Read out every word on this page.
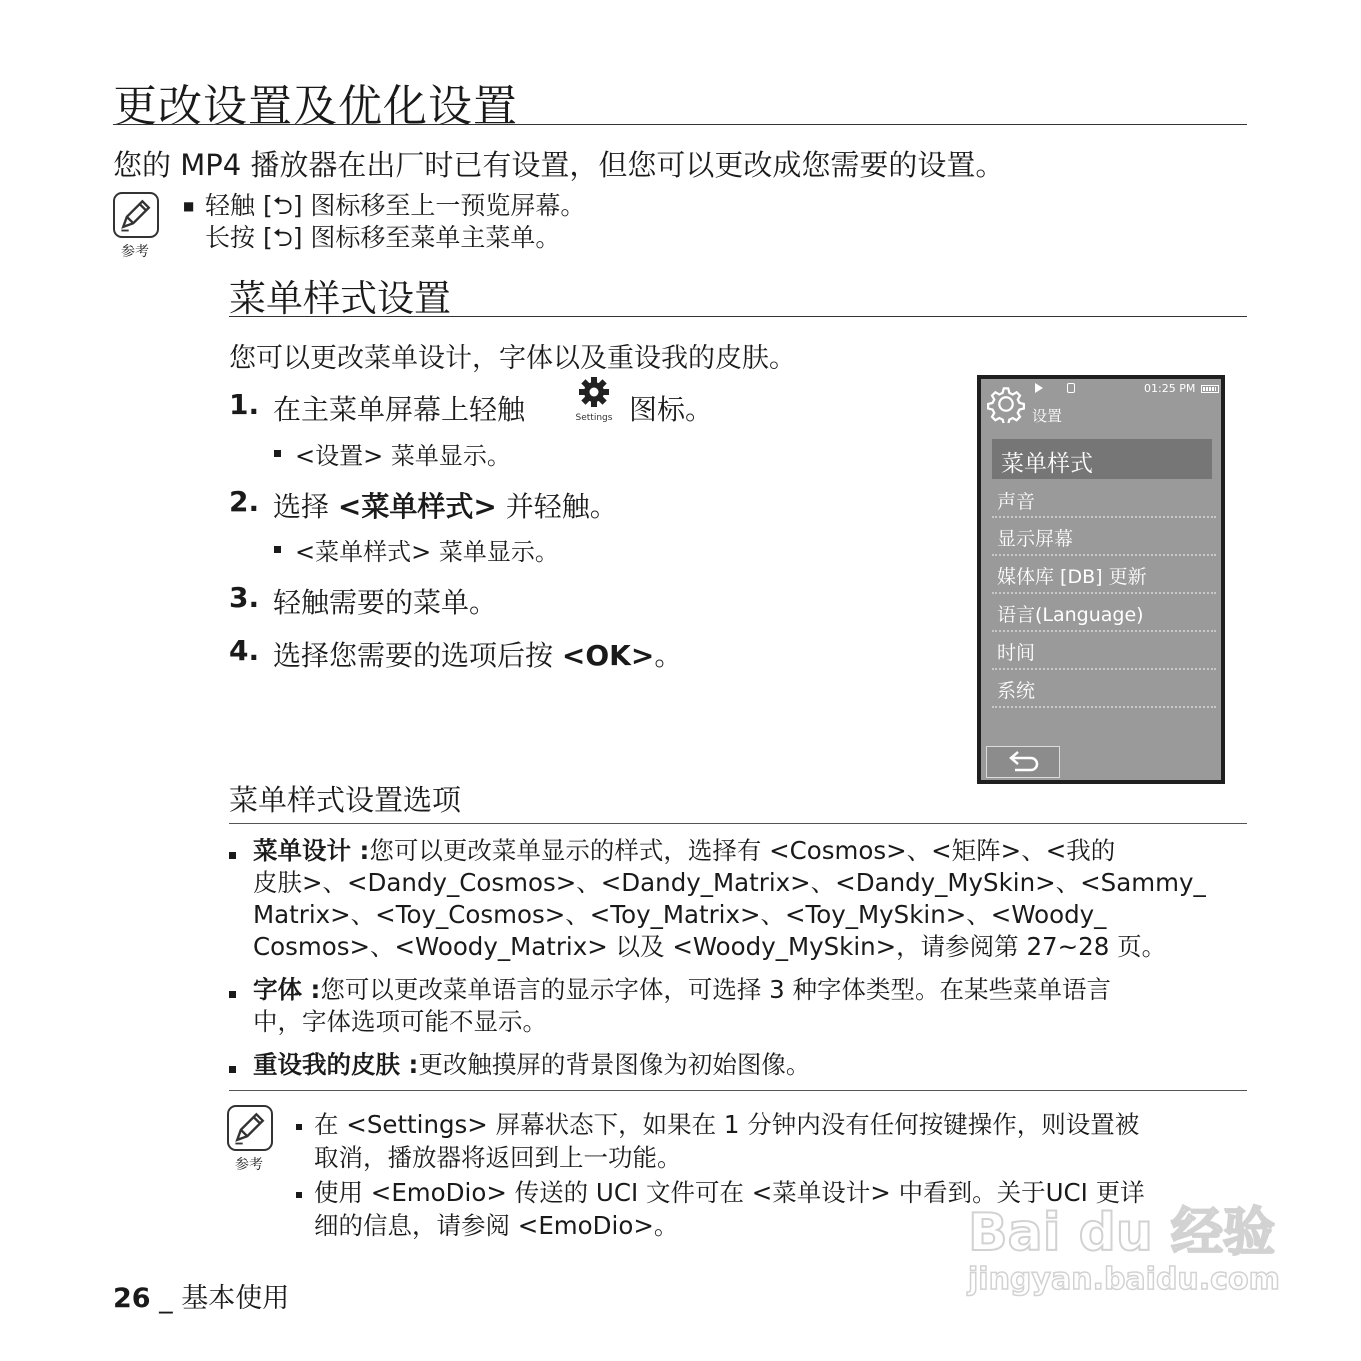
更改设置及优化设置
您的 MP4 播放器在出厂时已有设置，但您可以更改成您需要的设置。
参考
■ 轻触 [⮌] 图标移至上一预览屏幕。
长按 [⮌] 图标移至菜单主菜单。
菜单样式设置
您可以更改菜单设计，字体以及重设我的皮肤。
1. 在主菜单屏幕上轻触	图标。
Settings
<设置> 菜单显示。
2. 选择 <菜单样式> 并轻触。
<菜单样式> 菜单显示。
3. 轻触需要的菜单。
4. 选择您需要的选项后按 <OK>。
01:25 PM
设置
菜单样式
声音
显示屏幕
媒体库 [DB] 更新
语言(Language)
时间
系统
菜单样式设置选项
菜单设计 :您可以更改菜单显示的样式，选择有 <Cosmos>、<矩阵>、<我的
皮肤>、<Dandy_Cosmos>、<Dandy_Matrix>、<Dandy_MySkin>、<Sammy_
Matrix>、<Toy_Cosmos>、<Toy_Matrix>、<Toy_MySkin>、<Woody_
Cosmos>、<Woody_Matrix> 以及 <Woody_MySkin>，请参阅第 27~28 页。
字体 :您可以更改菜单语言的显示字体，可选择 3 种字体类型。在某些菜单语言
中，字体选项可能不显示。
重设我的皮肤 :更改触摸屏的背景图像为初始图像。
参考
在 <Settings> 屏幕状态下，如果在 1 分钟内没有任何按键操作，则设置被
取消，播放器将返回到上一功能。
使用 <EmoDio> 传送的 UCI 文件可在 <菜单设计> 中看到。关于UCI 更详
细的信息，请参阅 <EmoDio>。
26 _ 基本使用
Bai du 经验
jingyan.baidu.com
